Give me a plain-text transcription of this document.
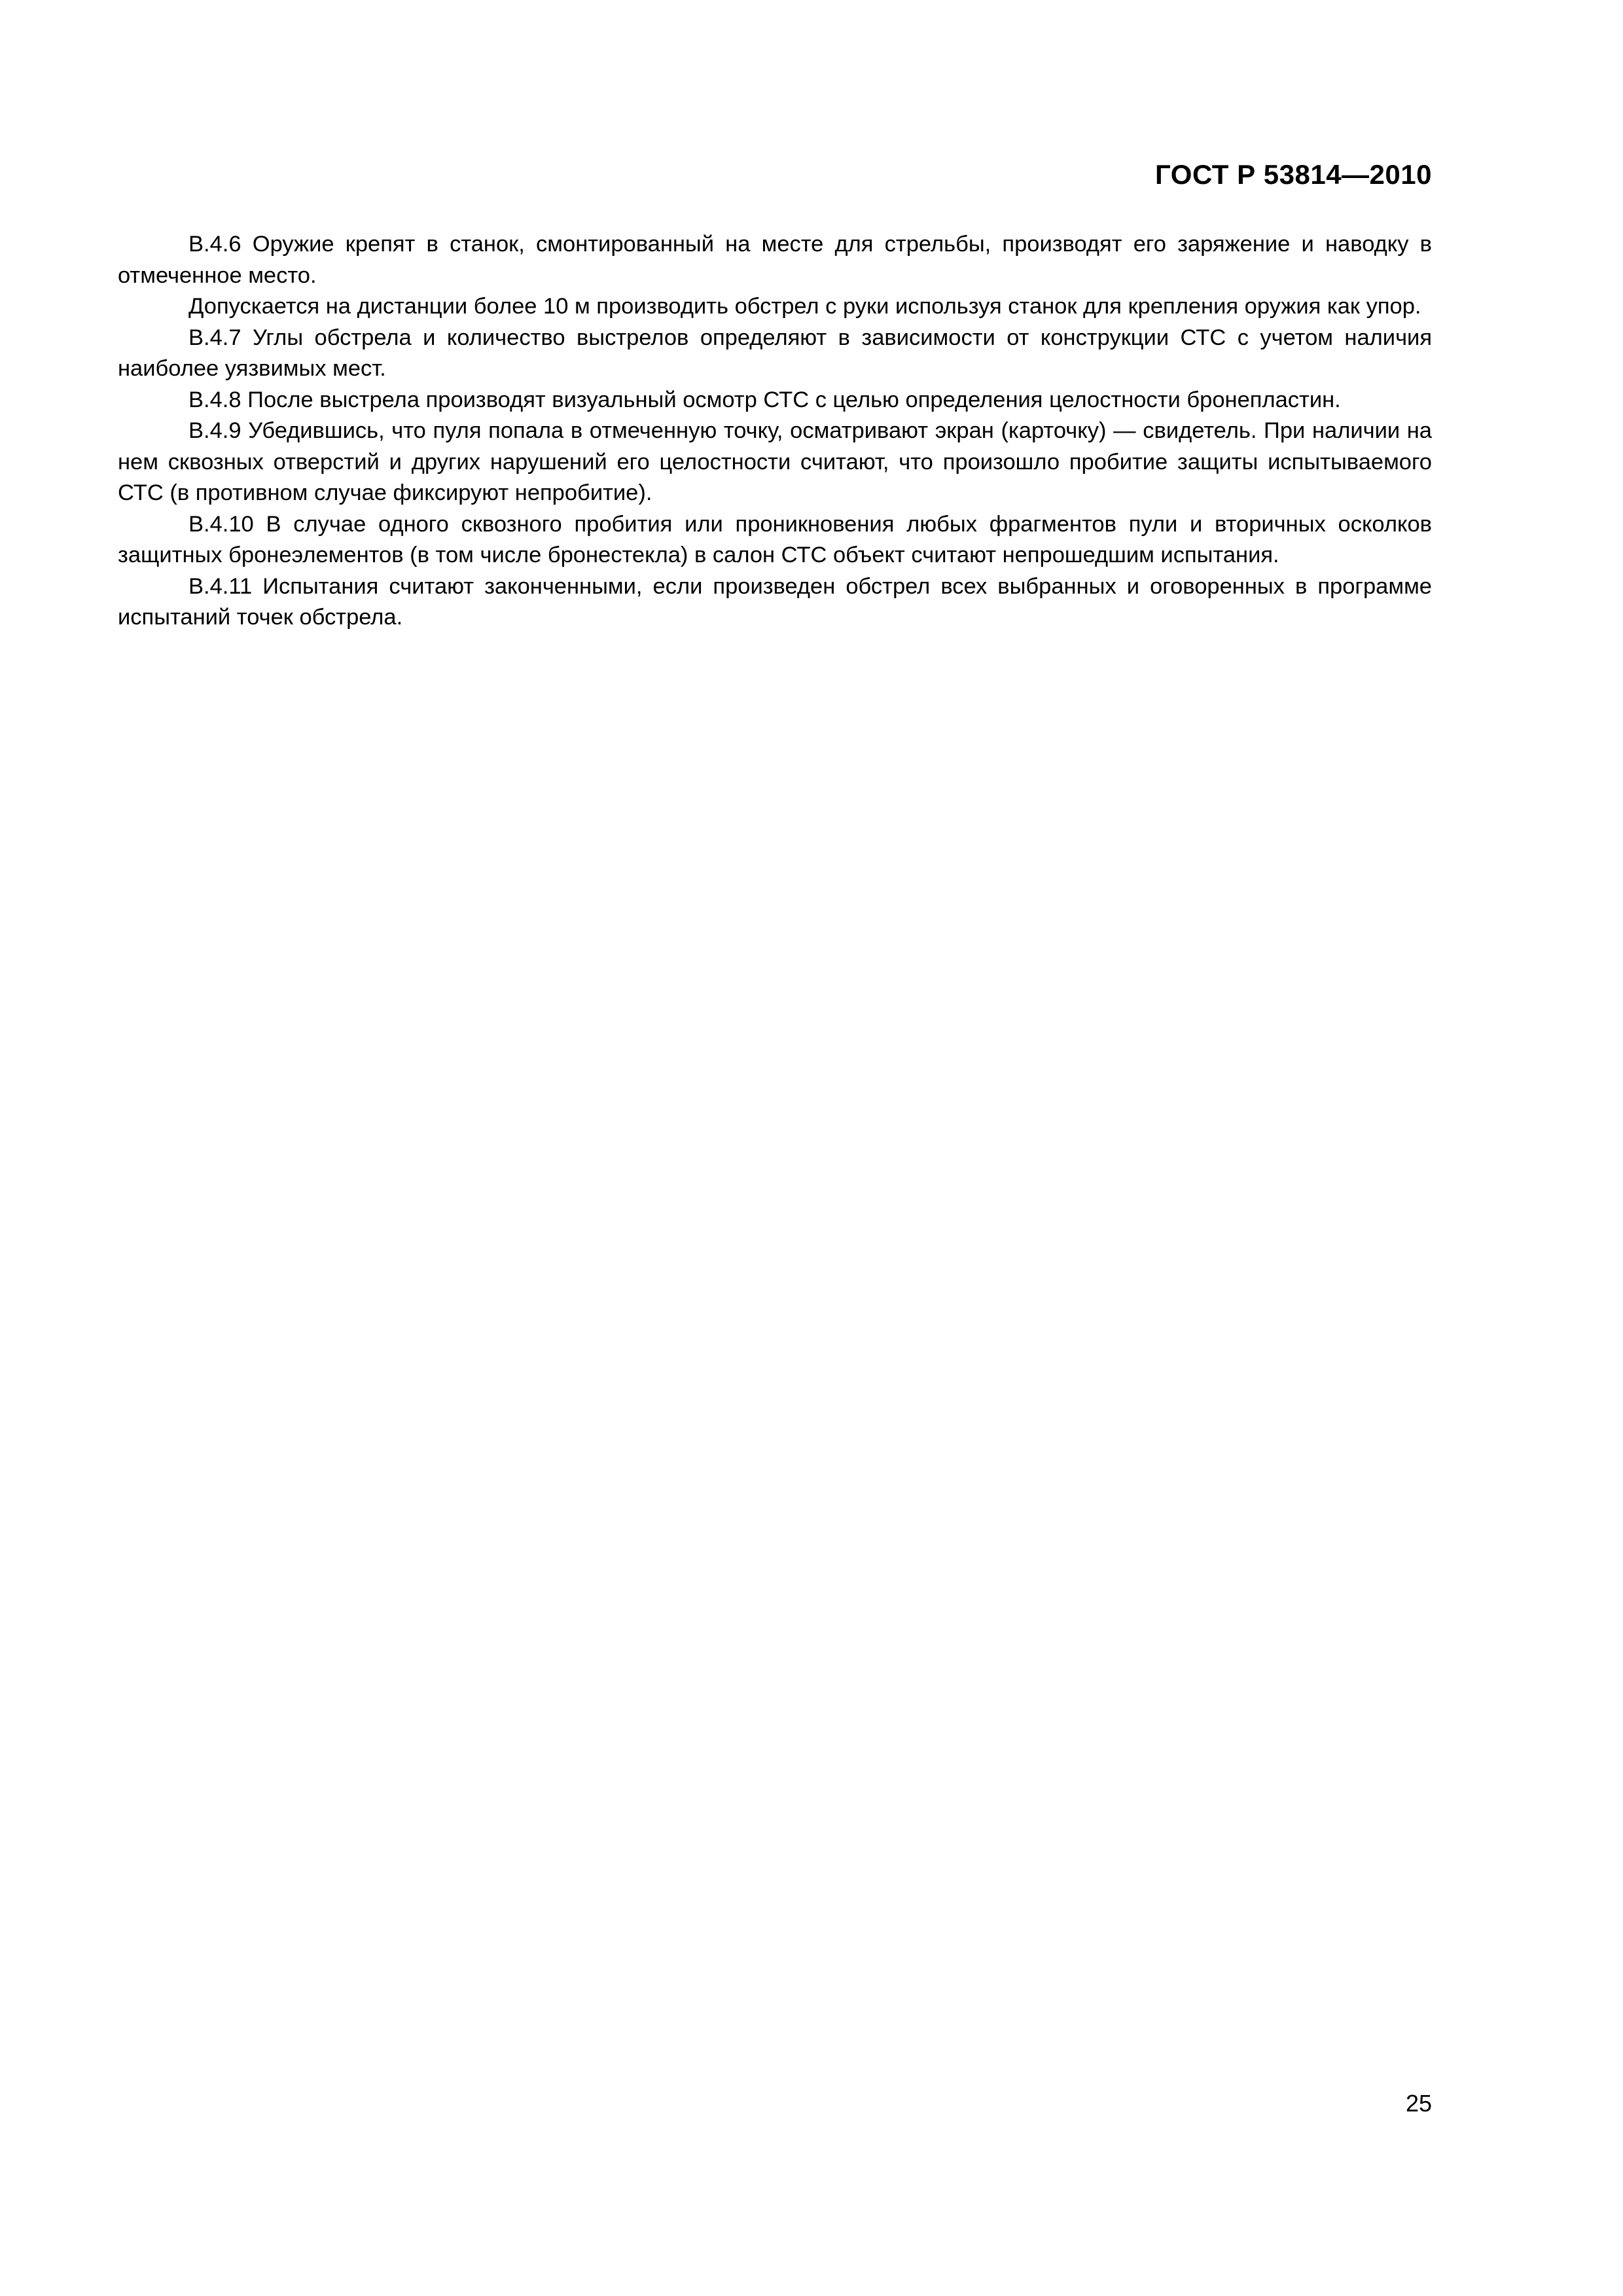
ГОСТ Р 53814—2010

В.4.6 Оружие крепят в станок, смонтированный на месте для стрельбы, производят его заряжение и наводку в отмеченное место.

Допускается на дистанции более 10 м производить обстрел с руки используя станок для крепления оружия как упор.

В.4.7 Углы обстрела и количество выстрелов определяют в зависимости от конструкции СТС с учетом наличия наиболее уязвимых мест.

В.4.8 После выстрела производят визуальный осмотр СТС с целью определения целостности бронепластин.

В.4.9 Убедившись, что пуля попала в отмеченную точку, осматривают экран (карточку) — свидетель. При наличии на нем сквозных отверстий и других нарушений его целостности считают, что произошло пробитие защиты испытываемого СТС (в противном случае фиксируют непробитие).

В.4.10 В случае одного сквозного пробития или проникновения любых фрагментов пули и вторичных осколков защитных бронеэлементов (в том числе бронестекла) в салон СТС объект считают непрошедшим испытания.

В.4.11 Испытания считают законченными, если произведен обстрел всех выбранных и оговоренных в программе испытаний точек обстрела.

25
